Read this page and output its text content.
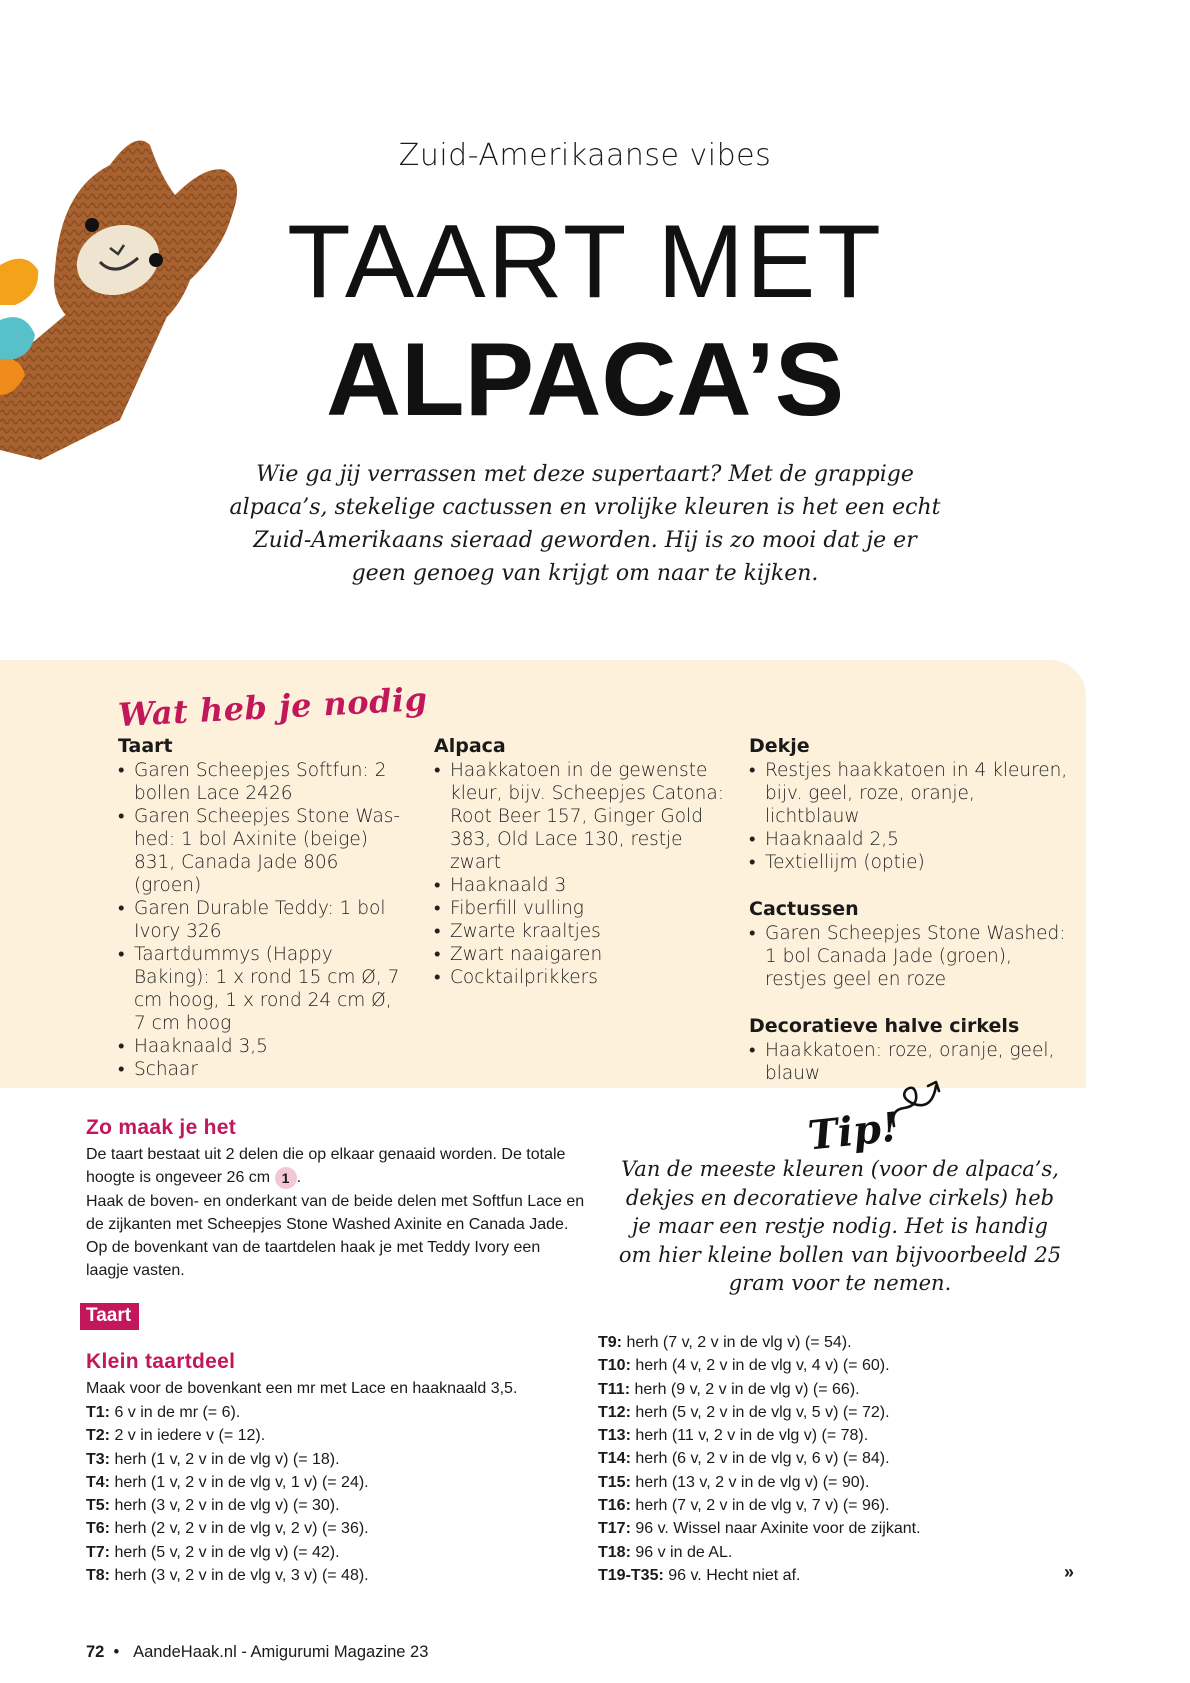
Zuid-Amerikaanse vibes
TAART MET
ALPACA’S
Wie ga jij verrassen met deze supertaart? Met de grappige alpaca’s, stekelige cactussen en vrolijke kleuren is het een echt Zuid-Amerikaans sieraad geworden. Hij is zo mooi dat je er geen genoeg van krijgt om naar te kijken.
Wat heb je nodig
Taart
• Garen Scheepjes Softfun: 2 bollen Lace 2426
• Garen Scheepjes Stone Was-hed: 1 bol Axinite (beige) 831, Canada Jade 806 (groen)
• Garen Durable Teddy: 1 bol Ivory 326
• Taartdummys (Happy Baking): 1 x rond 15 cm Ø, 7 cm hoog, 1 x rond 24 cm Ø, 7 cm hoog
• Haaknaald 3,5
• Schaar
Alpaca
• Haakkatoen in de gewenste kleur, bijv. Scheepjes Catona: Root Beer 157, Ginger Gold 383, Old Lace 130, restje zwart
• Haaknaald 3
• Fiberfill vulling
• Zwarte kraaltjes
• Zwart naaigaren
• Cocktailprikkers
Dekje
• Restjes haakkatoen in 4 kleuren, bijv. geel, roze, oranje, lichtblauw
• Haaknaald 2,5
• Textiellijm (optie)
Cactussen
• Garen Scheepjes Stone Washed: 1 bol Canada Jade (groen), restjes geel en roze
Decoratieve halve cirkels
• Haakkatoen: roze, oranje, geel, blauw
Zo maak je het
De taart bestaat uit 2 delen die op elkaar genaaid worden. De totale hoogte is ongeveer 26 cm 1 .
Haak de boven- en onderkant van de beide delen met Softfun Lace en de zijkanten met Scheepjes Stone Washed Axinite en Canada Jade. Op de bovenkant van de taartdelen haak je met Teddy Ivory een laagje vasten.
Taart
Klein taartdeel
Maak voor de bovenkant een mr met Lace en haaknaald 3,5.
T1: 6 v in de mr (= 6).
T2: 2 v in iedere v (= 12).
T3: herh (1 v, 2 v in de vlg v) (= 18).
T4: herh (1 v, 2 v in de vlg v, 1 v) (= 24).
T5: herh (3 v, 2 v in de vlg v) (= 30).
T6: herh (2 v, 2 v in de vlg v, 2 v) (= 36).
T7: herh (5 v, 2 v in de vlg v) (= 42).
T8: herh (3 v, 2 v in de vlg v, 3 v) (= 48).
T9: herh (7 v, 2 v in de vlg v) (= 54).
T10: herh (4 v, 2 v in de vlg v, 4 v) (= 60).
T11: herh (9 v, 2 v in de vlg v) (= 66).
T12: herh (5 v, 2 v in de vlg v, 5 v) (= 72).
T13: herh (11 v, 2 v in de vlg v) (= 78).
T14: herh (6 v, 2 v in de vlg v, 6 v) (= 84).
T15: herh (13 v, 2 v in de vlg v) (= 90).
T16: herh (7 v, 2 v in de vlg v, 7 v) (= 96).
T17: 96 v. Wissel naar Axinite voor de zijkant.
T18: 96 v in de AL.
T19-T35: 96 v. Hecht niet af.
Tip!
Van de meeste kleuren (voor de alpaca’s, dekjes en decoratieve halve cirkels) heb je maar een restje nodig. Het is handig om hier kleine bollen van bijvoorbeeld 25 gram voor te nemen.
»
72 • AandeHaak.nl - Amigurumi Magazine 23
